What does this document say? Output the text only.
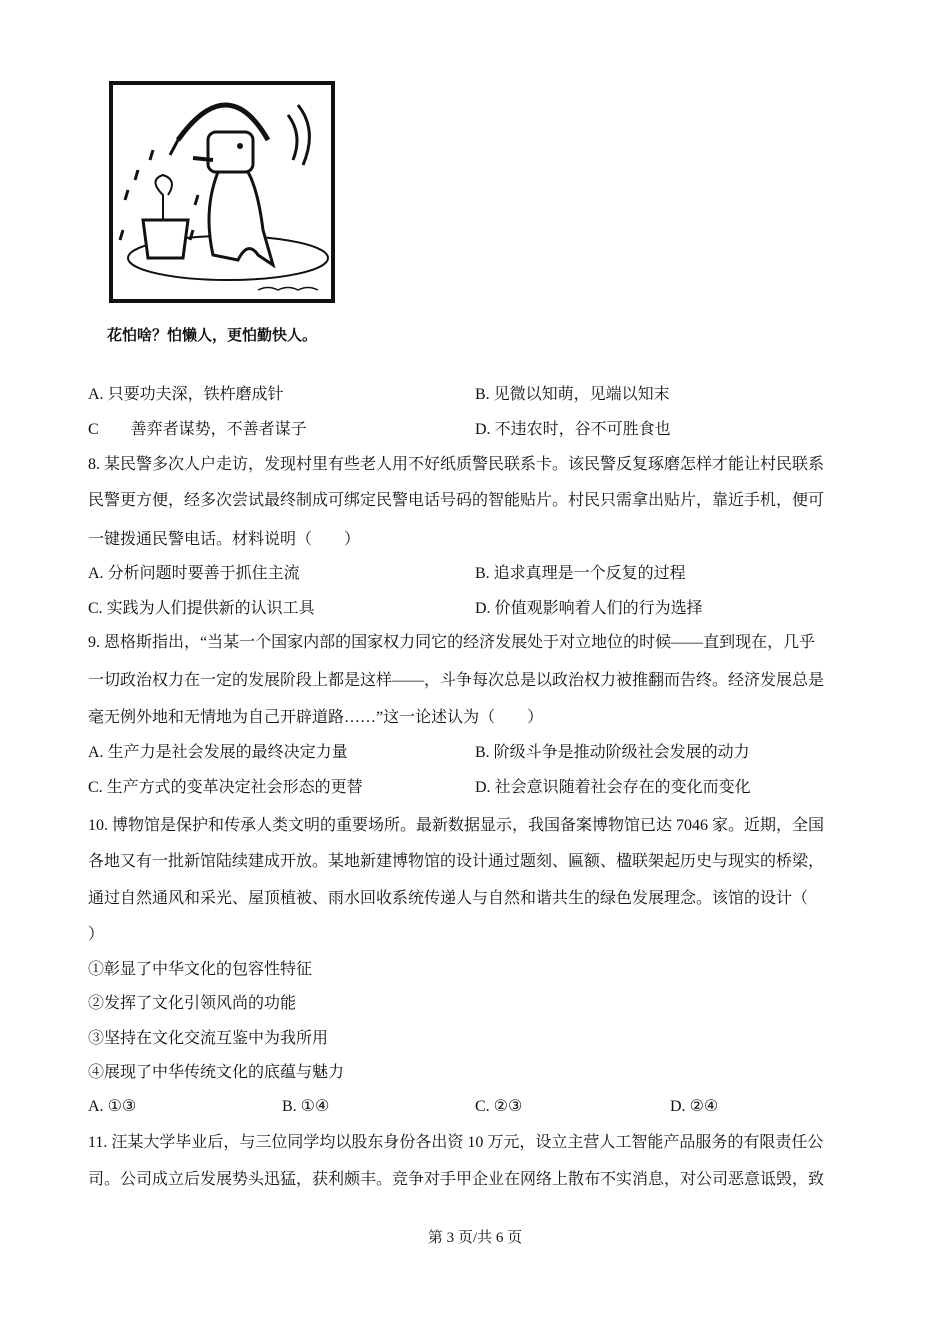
花怕啥？怕懒人，更怕勤快人。
A. 只要功夫深，铁杵磨成针	B. 见微以知萌，见端以知末
C 善弈者谋势，不善者谋子	D. 不违农时，谷不可胜食也
8. 某民警多次人户走访，发现村里有些老人用不好纸质警民联系卡。该民警反复琢磨怎样才能让村民联系
民警更方便，经多次尝试最终制成可绑定民警电话号码的智能贴片。村民只需拿出贴片，靠近手机，便可
一键拨通民警电话。材料说明（　　）
A. 分析问题时要善于抓住主流	B. 追求真理是一个反复的过程
C. 实践为人们提供新的认识工具	D. 价值观影响着人们的行为选择
9. 恩格斯指出，“当某一个国家内部的国家权力同它的经济发展处于对立地位的时候——直到现在，几乎
一切政治权力在一定的发展阶段上都是这样——，斗争每次总是以政治权力被推翻而告终。经济发展总是
毫无例外地和无情地为自己开辟道路……”这一论述认为（　　）
A. 生产力是社会发展的最终决定力量	B. 阶级斗争是推动阶级社会发展的动力
C. 生产方式的变革决定社会形态的更替	D. 社会意识随着社会存在的变化而变化
10. 博物馆是保护和传承人类文明的重要场所。最新数据显示，我国备案博物馆已达 7046 家。近期，全国
各地又有一批新馆陆续建成开放。某地新建博物馆的设计通过题刻、匾额、楹联架起历史与现实的桥梁，
通过自然通风和采光、屋顶植被、雨水回收系统传递人与自然和谐共生的绿色发展理念。该馆的设计（
）
①彰显了中华文化的包容性特征
②发挥了文化引领风尚的功能
③坚持在文化交流互鉴中为我所用
④展现了中华传统文化的底蕴与魅力
A. ①③	B. ①④	C. ②③	D. ②④
11. 汪某大学毕业后，与三位同学均以股东身份各出资 10 万元，设立主营人工智能产品服务的有限责任公
司。公司成立后发展势头迅猛，获利颇丰。竞争对手甲企业在网络上散布不实消息，对公司恶意诋毁，致
第 3 页/共 6 页
